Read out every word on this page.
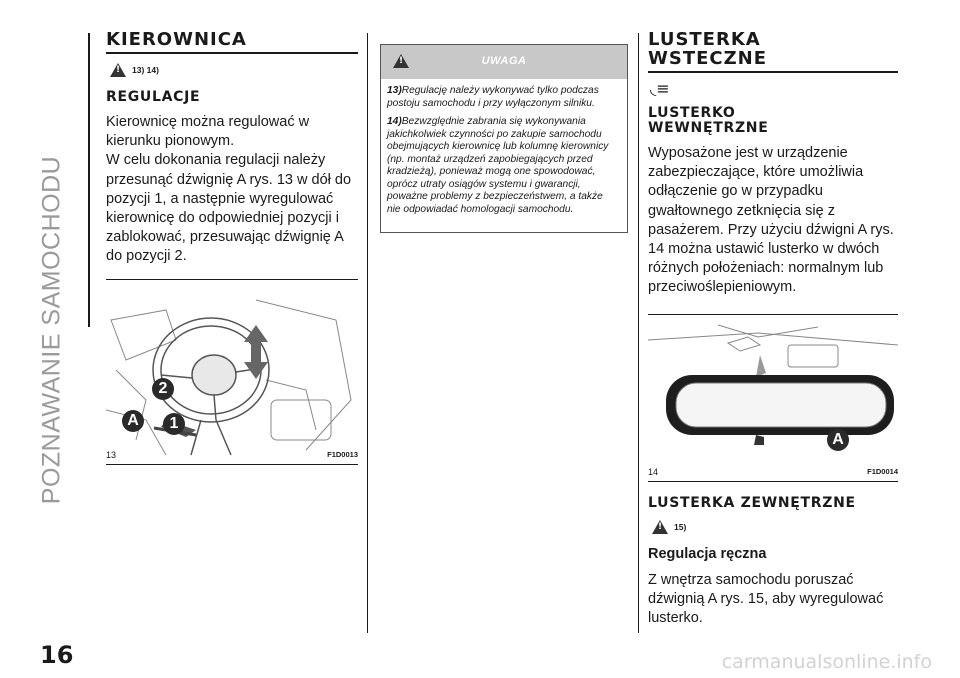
POZNAWANIE SAMOCHODU
KIEROWNICA
!
13) 14)
REGULACJE

Kierownicę można regulować w kierunku pionowym.

W celu dokonania regulacji należy przesunąć dźwignię A rys. 13 w dół do pozycji 1, a następnie wyregulować kierownicę do odpowiedniej pozycji i zablokować, przesuwając dźwignię A do pozycji 2.

2
A	1
13	F1D0013
!
UWAGA

13)Regulację należy wykonywać tylko podczas postoju samochodu i przy wyłączonym silniku.

14)Bezwzględnie zabrania się wykonywania jakichkolwiek czynności po zakupie samochodu obejmujących kierownicę lub kolumnę kierownicy (np. montaż urządzeń zapobiegających przed kradzieżą), ponieważ mogą one spowodować, oprócz utraty osiągów systemu i gwarancji, poważne problemy z bezpieczeństwem, a także nie odpowiadać homologacji samochodu.

LUSTERKA
WSTECZNE
◟≡
LUSTERKO
WEWNĘTRZNE

Wyposażone jest w urządzenie zabezpieczające, które umożliwia odłączenie go w przypadku gwałtownego zetknięcia się z pasażerem. Przy użyciu dźwigni A rys. 14 można ustawić lusterko w dwóch różnych położeniach: normalnym lub przeciwoślepieniowym.

A
14	F1D0014
LUSTERKA ZEWNĘTRZNE
!
15)
Regulacja ręczna

Z wnętrza samochodu poruszać dźwignią A rys. 15, aby wyregulować lusterko.

16	carmanualsonline.info
